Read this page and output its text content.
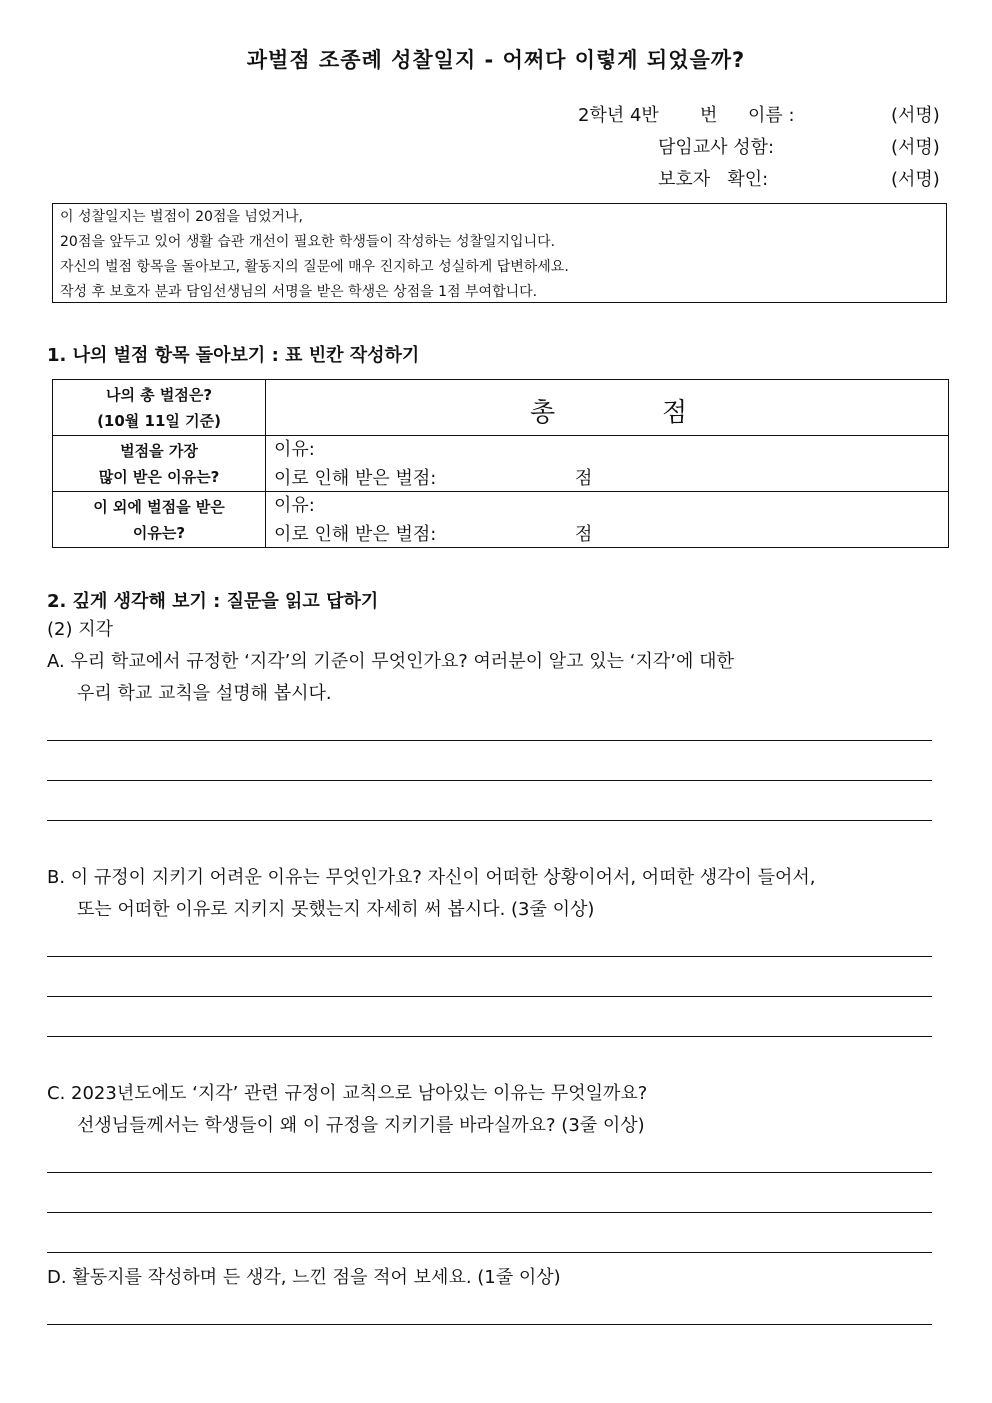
과벌점 조종례 성찰일지 - 어쩌다 이렇게 되었을까?
2학년 4반 번 이름 :	(서명)
담임교사 성함:	(서명)
보호자   확인:	(서명)
이 성찰일지는 벌점이 20점을 넘었거나,
20점을 앞두고 있어 생활 습관 개선이 필요한 학생들이 작성하는 성찰일지입니다.
자신의 벌점 항목을 돌아보고, 활동지의 질문에 매우 진지하고 성실하게 답변하세요.
작성 후 보호자 분과 담임선생님의 서명을 받은 학생은 상점을 1점 부여합니다.
1. 나의 벌점 항목 돌아보기 : 표 빈칸 작성하기
나의 총 벌점은?
(10월 11일 기준)	총	점

벌점을 가장
많이 받은 이유는?

이유:
이로 인해 받은 벌점:	점

이 외에 벌점을 받은
이유는?

이유:
이로 인해 받은 벌점:	점
2. 깊게 생각해 보기 : 질문을 읽고 답하기
(2) 지각
A. 우리 학교에서 규정한 ‘지각’의 기준이 무엇인가요? 여러분이 알고 있는 ‘지각’에 대한
우리 학교 교칙을 설명해 봅시다.
B. 이 규정이 지키기 어려운 이유는 무엇인가요? 자신이 어떠한 상황이어서, 어떠한 생각이 들어서,
또는 어떠한 이유로 지키지 못했는지 자세히 써 봅시다. (3줄 이상)
C. 2023년도에도 ‘지각’ 관련 규정이 교칙으로 남아있는 이유는 무엇일까요?
선생님들께서는 학생들이 왜 이 규정을 지키기를 바라실까요? (3줄 이상)
D. 활동지를 작성하며 든 생각, 느낀 점을 적어 보세요. (1줄 이상)
